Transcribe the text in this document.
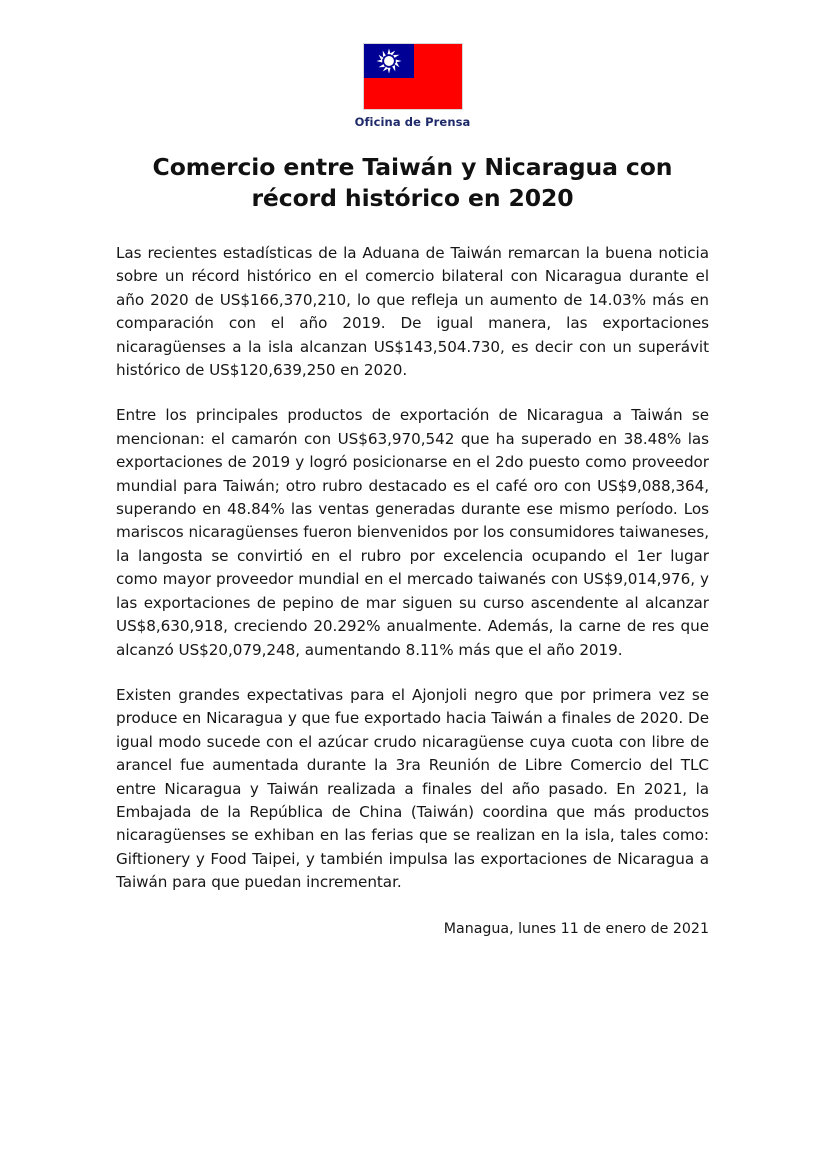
Oficina de Prensa
Comercio entre Taiwán y Nicaragua con récord histórico en 2020

Las recientes estadísticas de la Aduana de Taiwán remarcan la buena noticia sobre un récord histórico en el comercio bilateral con Nicaragua durante el año 2020 de US$166,370,210, lo que refleja un aumento de 14.03% más en comparación con el año 2019. De igual manera, las exportaciones nicaragüenses a la isla alcanzan US$143,504.730, es decir con un superávit histórico de US$120,639,250 en 2020.

Entre los principales productos de exportación de Nicaragua a Taiwán se mencionan: el camarón con US$63,970,542 que ha superado en 38.48% las exportaciones de 2019 y logró posicionarse en el 2do puesto como proveedor mundial para Taiwán; otro rubro destacado es el café oro con US$9,088,364, superando en 48.84% las ventas generadas durante ese mismo período. Los mariscos nicaragüenses fueron bienvenidos por los consumidores taiwaneses, la langosta se convirtió en el rubro por excelencia ocupando el 1er lugar como mayor proveedor mundial en el mercado taiwanés con US$9,014,976, y las exportaciones de pepino de mar siguen su curso ascendente al alcanzar US$8,630,918, creciendo 20.292% anualmente. Además, la carne de res que alcanzó US$20,079,248, aumentando 8.11% más que el año 2019.

Existen grandes expectativas para el Ajonjoli negro que por primera vez se produce en Nicaragua y que fue exportado hacia Taiwán a finales de 2020. De igual modo sucede con el azúcar crudo nicaragüense cuya cuota con libre de arancel fue aumentada durante la 3ra Reunión de Libre Comercio del TLC entre Nicaragua y Taiwán realizada a finales del año pasado. En 2021, la Embajada de la República de China (Taiwán) coordina que más productos nicaragüenses se exhiban en las ferias que se realizan en la isla, tales como: Giftionery y Food Taipei, y también impulsa las exportaciones de Nicaragua a Taiwán para que puedan incrementar.

Managua, lunes 11 de enero de 2021
